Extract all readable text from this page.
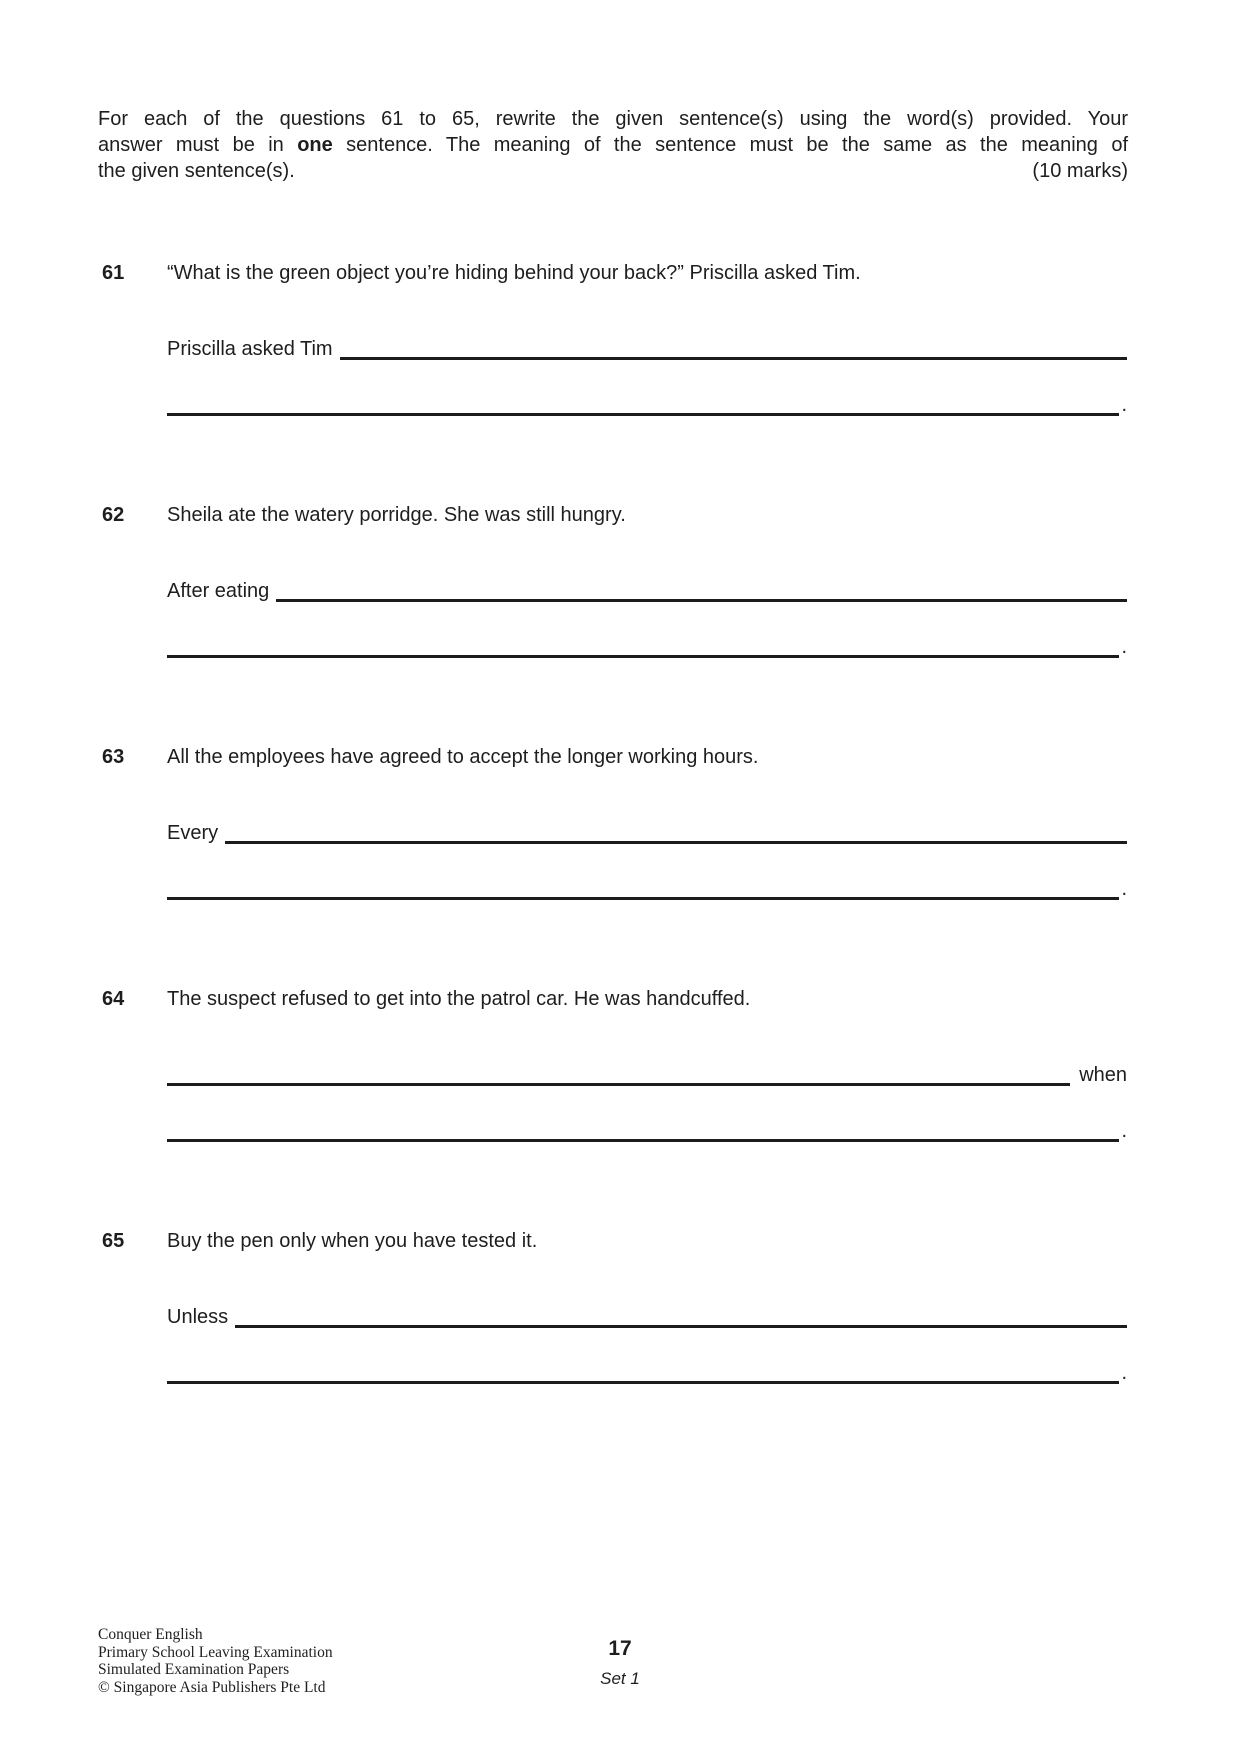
For each of the questions 61 to 65, rewrite the given sentence(s) using the word(s) provided. Your
answer must be in one sentence. The meaning of the sentence must be the same as the meaning of
the given sentence(s).	(10 marks)
61	“What is the green object you’re hiding behind your back?” Priscilla asked Tim.
Priscilla asked Tim
.
62	Sheila ate the watery porridge. She was still hungry.
After eating
.
63	All the employees have agreed to accept the longer working hours.
Every
.
64	The suspect refused to get into the patrol car. He was handcuffed.
when
.
65	Buy the pen only when you have tested it.
Unless
.
Conquer English
Primary School Leaving Examination
Simulated Examination Papers
© Singapore Asia Publishers Pte Ltd
17
Set 1
